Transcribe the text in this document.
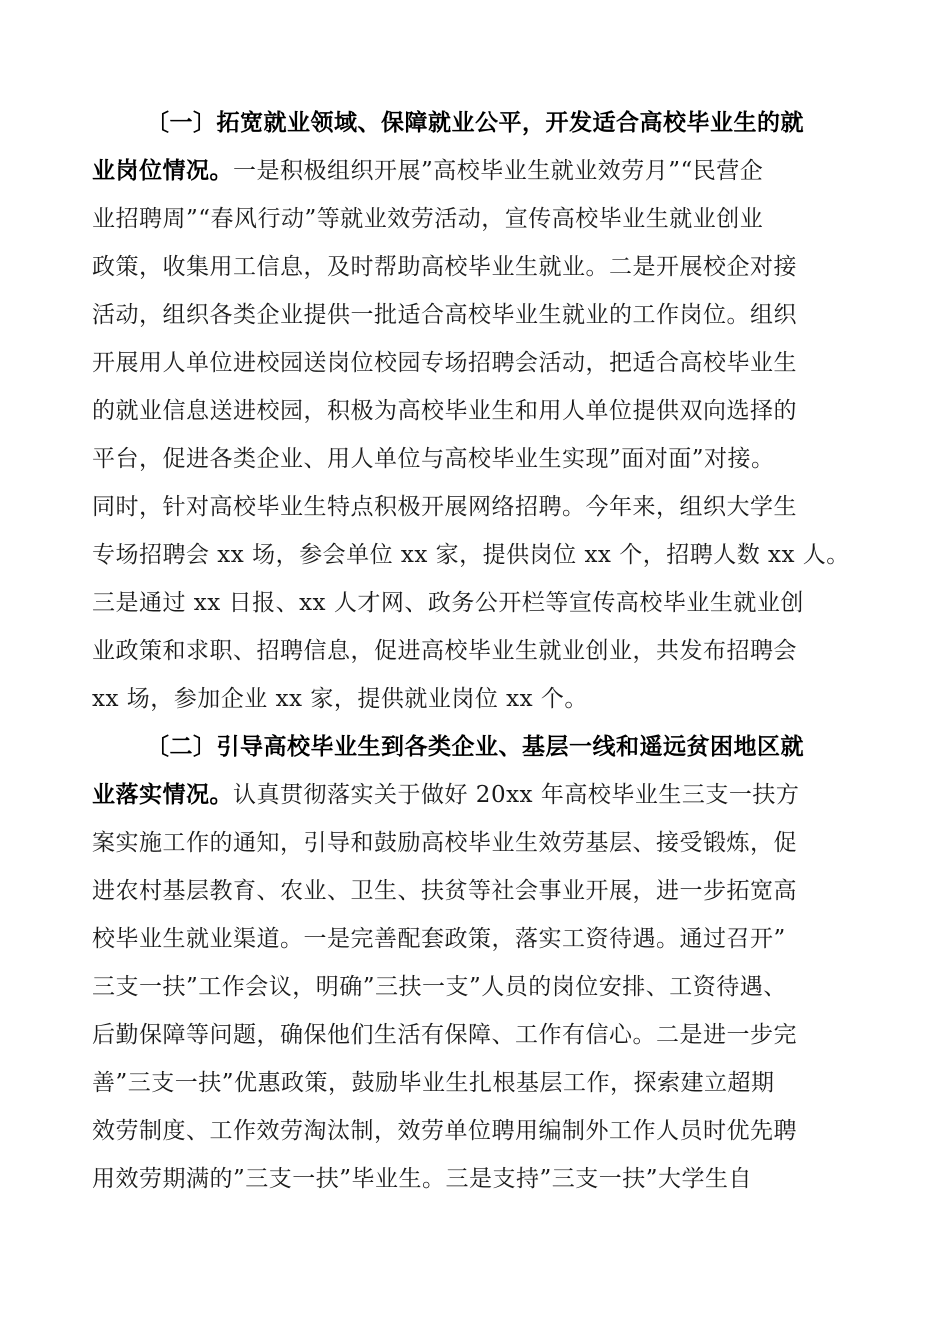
〔一〕拓宽就业领域、保障就业公平，开发适合高校毕业生的就
业岗位情况。一是积极组织开展”高校毕业生就业效劳月”“民营企
业招聘周”“春风行动”等就业效劳活动，宣传高校毕业生就业创业
政策，收集用工信息，及时帮助高校毕业生就业。二是开展校企对接
活动，组织各类企业提供一批适合高校毕业生就业的工作岗位。组织
开展用人单位进校园送岗位校园专场招聘会活动，把适合高校毕业生
的就业信息送进校园，积极为高校毕业生和用人单位提供双向选择的
平台，促进各类企业、用人单位与高校毕业生实现”面对面”对接。
同时，针对高校毕业生特点积极开展网络招聘。今年来，组织大学生
专场招聘会 xx 场，参会单位 xx 家，提供岗位 xx 个，招聘人数 xx 人。
三是通过 xx 日报、xx 人才网、政务公开栏等宣传高校毕业生就业创
业政策和求职、招聘信息，促进高校毕业生就业创业，共发布招聘会
xx 场，参加企业 xx 家，提供就业岗位 xx 个。
〔二〕引导高校毕业生到各类企业、基层一线和遥远贫困地区就
业落实情况。认真贯彻落实关于做好 20xx 年高校毕业生三支一扶方
案实施工作的通知，引导和鼓励高校毕业生效劳基层、接受锻炼，促
进农村基层教育、农业、卫生、扶贫等社会事业开展，进一步拓宽高
校毕业生就业渠道。一是完善配套政策，落实工资待遇。通过召开”
三支一扶”工作会议，明确”三扶一支”人员的岗位安排、工资待遇、
后勤保障等问题，确保他们生活有保障、工作有信心。二是进一步完
善”三支一扶”优惠政策，鼓励毕业生扎根基层工作，探索建立超期
效劳制度、工作效劳淘汰制，效劳单位聘用编制外工作人员时优先聘
用效劳期满的”三支一扶”毕业生。三是支持”三支一扶”大学生自
